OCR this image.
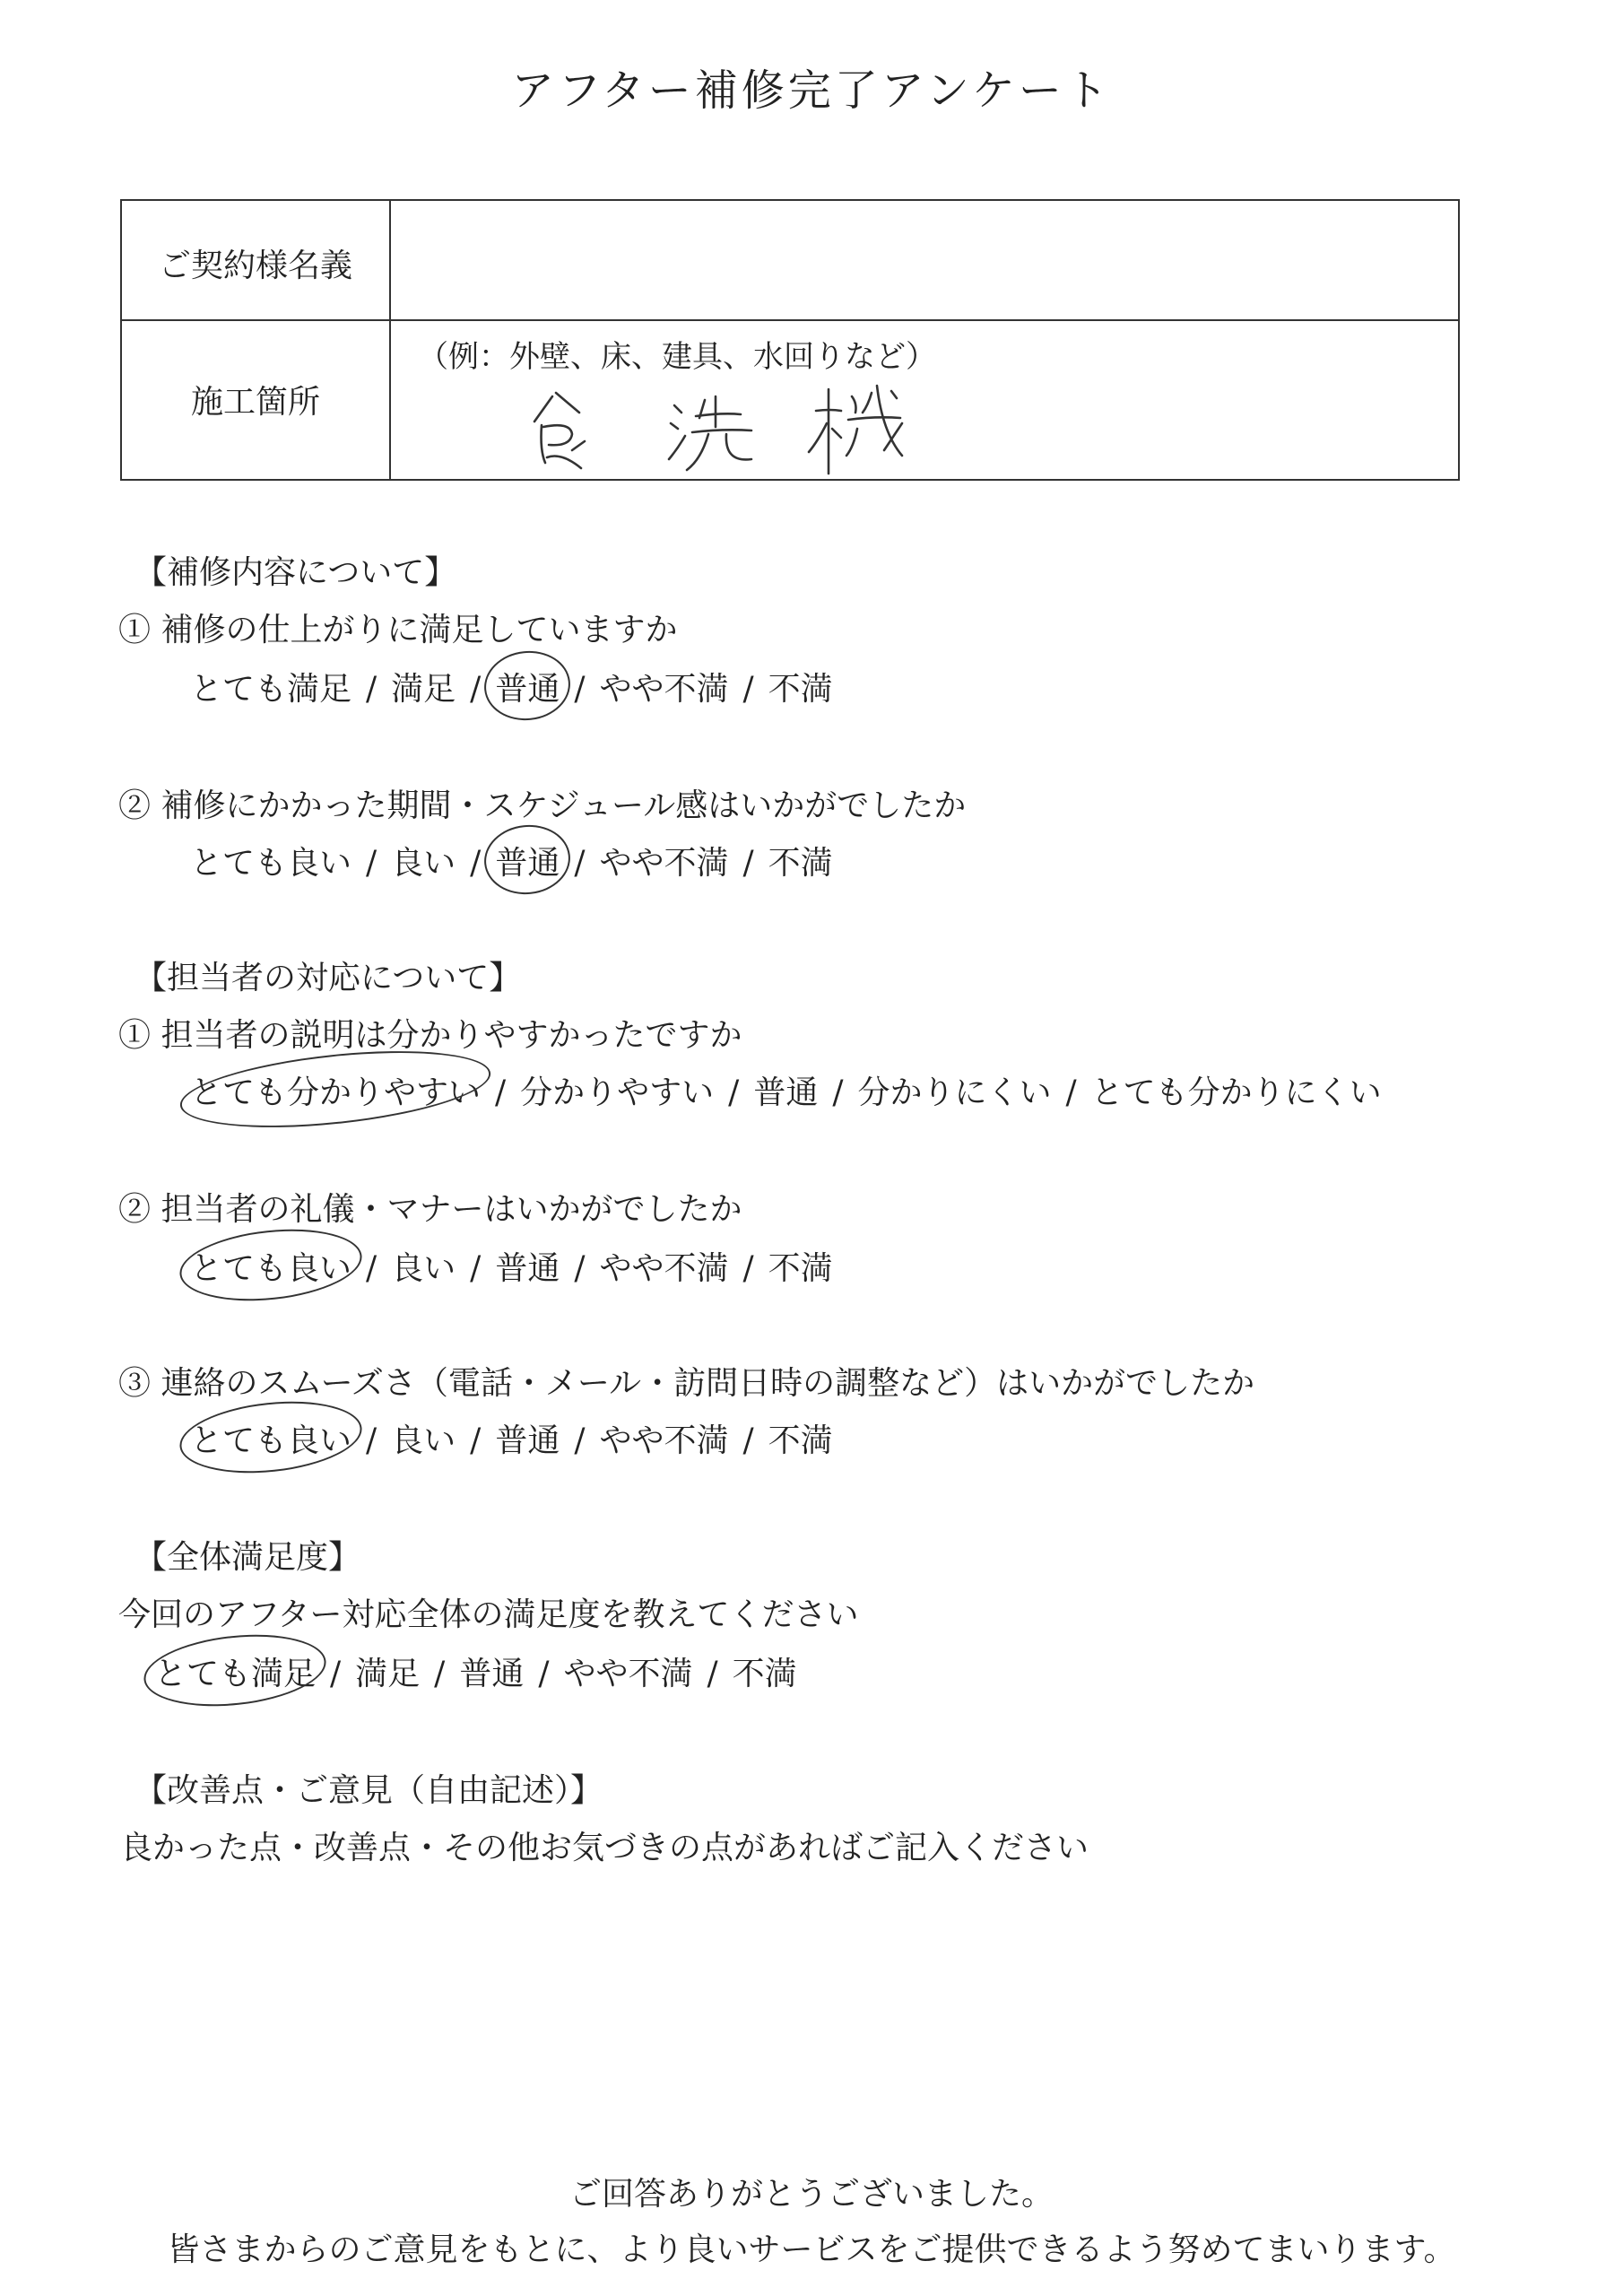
アフター補修完了アンケート
ご契約様名義
施工箇所
（例：外壁、床、建具、水回りなど）
【補修内容について】
① 補修の仕上がりに満足していますか
とても満足 / 満足 / 普通 / やや不満 / 不満
② 補修にかかった期間・スケジュール感はいかがでしたか
とても良い / 良い / 普通 / やや不満 / 不満
【担当者の対応について】
① 担当者の説明は分かりやすかったですか
とても分かりやすい / 分かりやすい / 普通 / 分かりにくい / とても分かりにくい
② 担当者の礼儀・マナーはいかがでしたか
とても良い / 良い / 普通 / やや不満 / 不満
③ 連絡のスムーズさ（電話・メール・訪問日時の調整など）はいかがでしたか
とても良い / 良い / 普通 / やや不満 / 不満
【全体満足度】
今回のアフター対応全体の満足度を教えてください
とても満足 / 満足 / 普通 / やや不満 / 不満
【改善点・ご意見（自由記述）】
良かった点・改善点・その他お気づきの点があればご記入ください
ご回答ありがとうございました。
皆さまからのご意見をもとに、より良いサービスをご提供できるよう努めてまいります。
